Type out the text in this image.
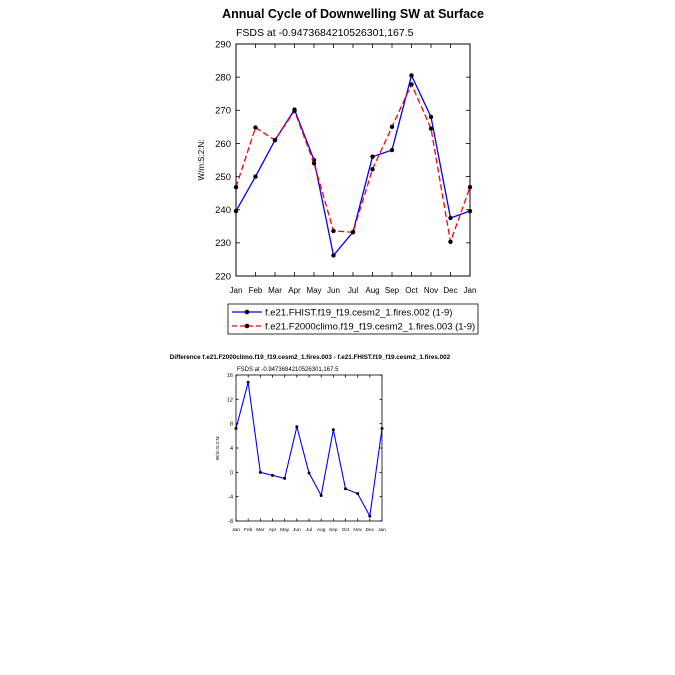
Annual Cycle of Downwelling SW at Surface
FSDS at -0.9473684210526301,167.5
W/m:S:2:N:
220
230
240
250
260
270
280
290
Jan Feb Mar Apr May Jun Jul Aug Sep Oct Nov Dec Jan
f.e21.FHIST.f19_f19.cesm2_1.fires.002 (1-9)
f.e21.F2000climo.f19_f19.cesm2_1.fires.003 (1-9)
Difference f.e21.F2000climo.f19_f19.cesm2_1.fires.003 - f.e21.FHIST.f19_f19.cesm2_1.fires.002
FSDS at -0.9473684210526301,167.5
W/m:S:2:N:
-8
-4
0
4
8
12
16
Jan Feb Mar Apr May Jun Jul Aug Sep Oct Nov Dec Jan
